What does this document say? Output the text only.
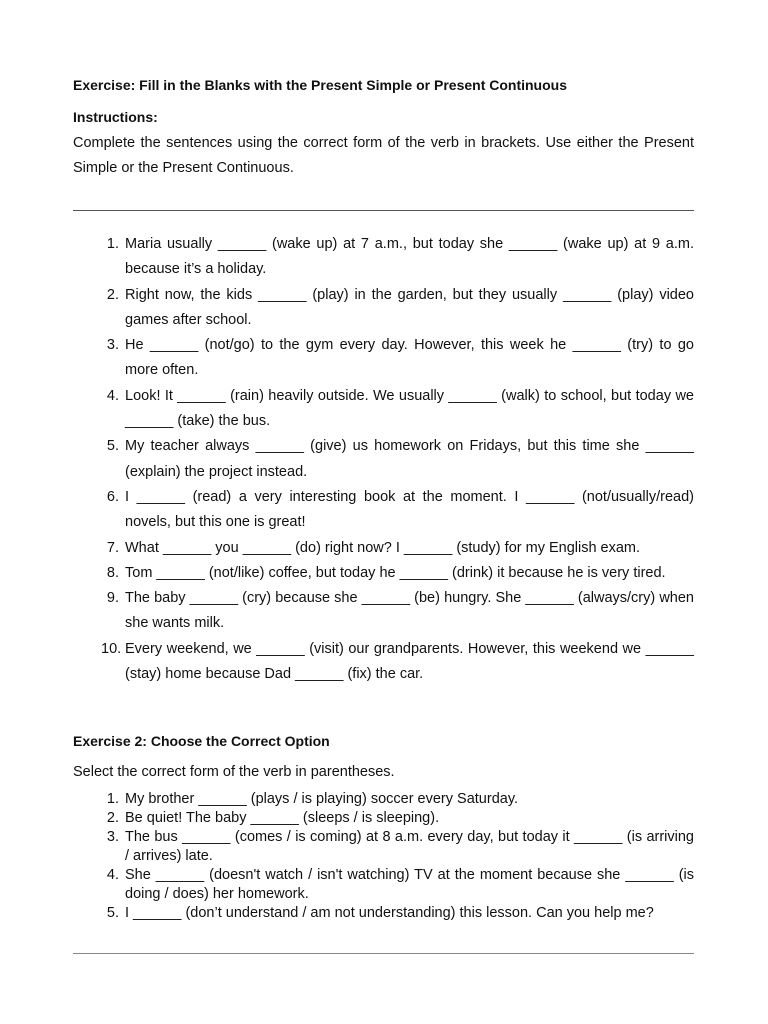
Exercise: Fill in the Blanks with the Present Simple or Present Continuous
Instructions:
Complete the sentences using the correct form of the verb in brackets. Use either the Present Simple or the Present Continuous.
1. Maria usually ______ (wake up) at 7 a.m., but today she ______ (wake up) at 9 a.m. because it’s a holiday.
2. Right now, the kids ______ (play) in the garden, but they usually ______ (play) video games after school.
3. He ______ (not/go) to the gym every day. However, this week he ______ (try) to go more often.
4. Look! It ______ (rain) heavily outside. We usually ______ (walk) to school, but today we ______ (take) the bus.
5. My teacher always ______ (give) us homework on Fridays, but this time she ______ (explain) the project instead.
6. I ______ (read) a very interesting book at the moment. I ______ (not/usually/read) novels, but this one is great!
7. What ______ you ______ (do) right now? I ______ (study) for my English exam.
8. Tom ______ (not/like) coffee, but today he ______ (drink) it because he is very tired.
9. The baby ______ (cry) because she ______ (be) hungry. She ______ (always/cry) when she wants milk.
10. Every weekend, we ______ (visit) our grandparents. However, this weekend we ______ (stay) home because Dad ______ (fix) the car.
Exercise 2: Choose the Correct Option
Select the correct form of the verb in parentheses.
1. My brother ______ (plays / is playing) soccer every Saturday.
2. Be quiet! The baby ______ (sleeps / is sleeping).
3. The bus ______ (comes / is coming) at 8 a.m. every day, but today it ______ (is arriving / arrives) late.
4. She ______ (doesn't watch / isn't watching) TV at the moment because she ______ (is doing / does) her homework.
5. I ______ (don’t understand / am not understanding) this lesson. Can you help me?
